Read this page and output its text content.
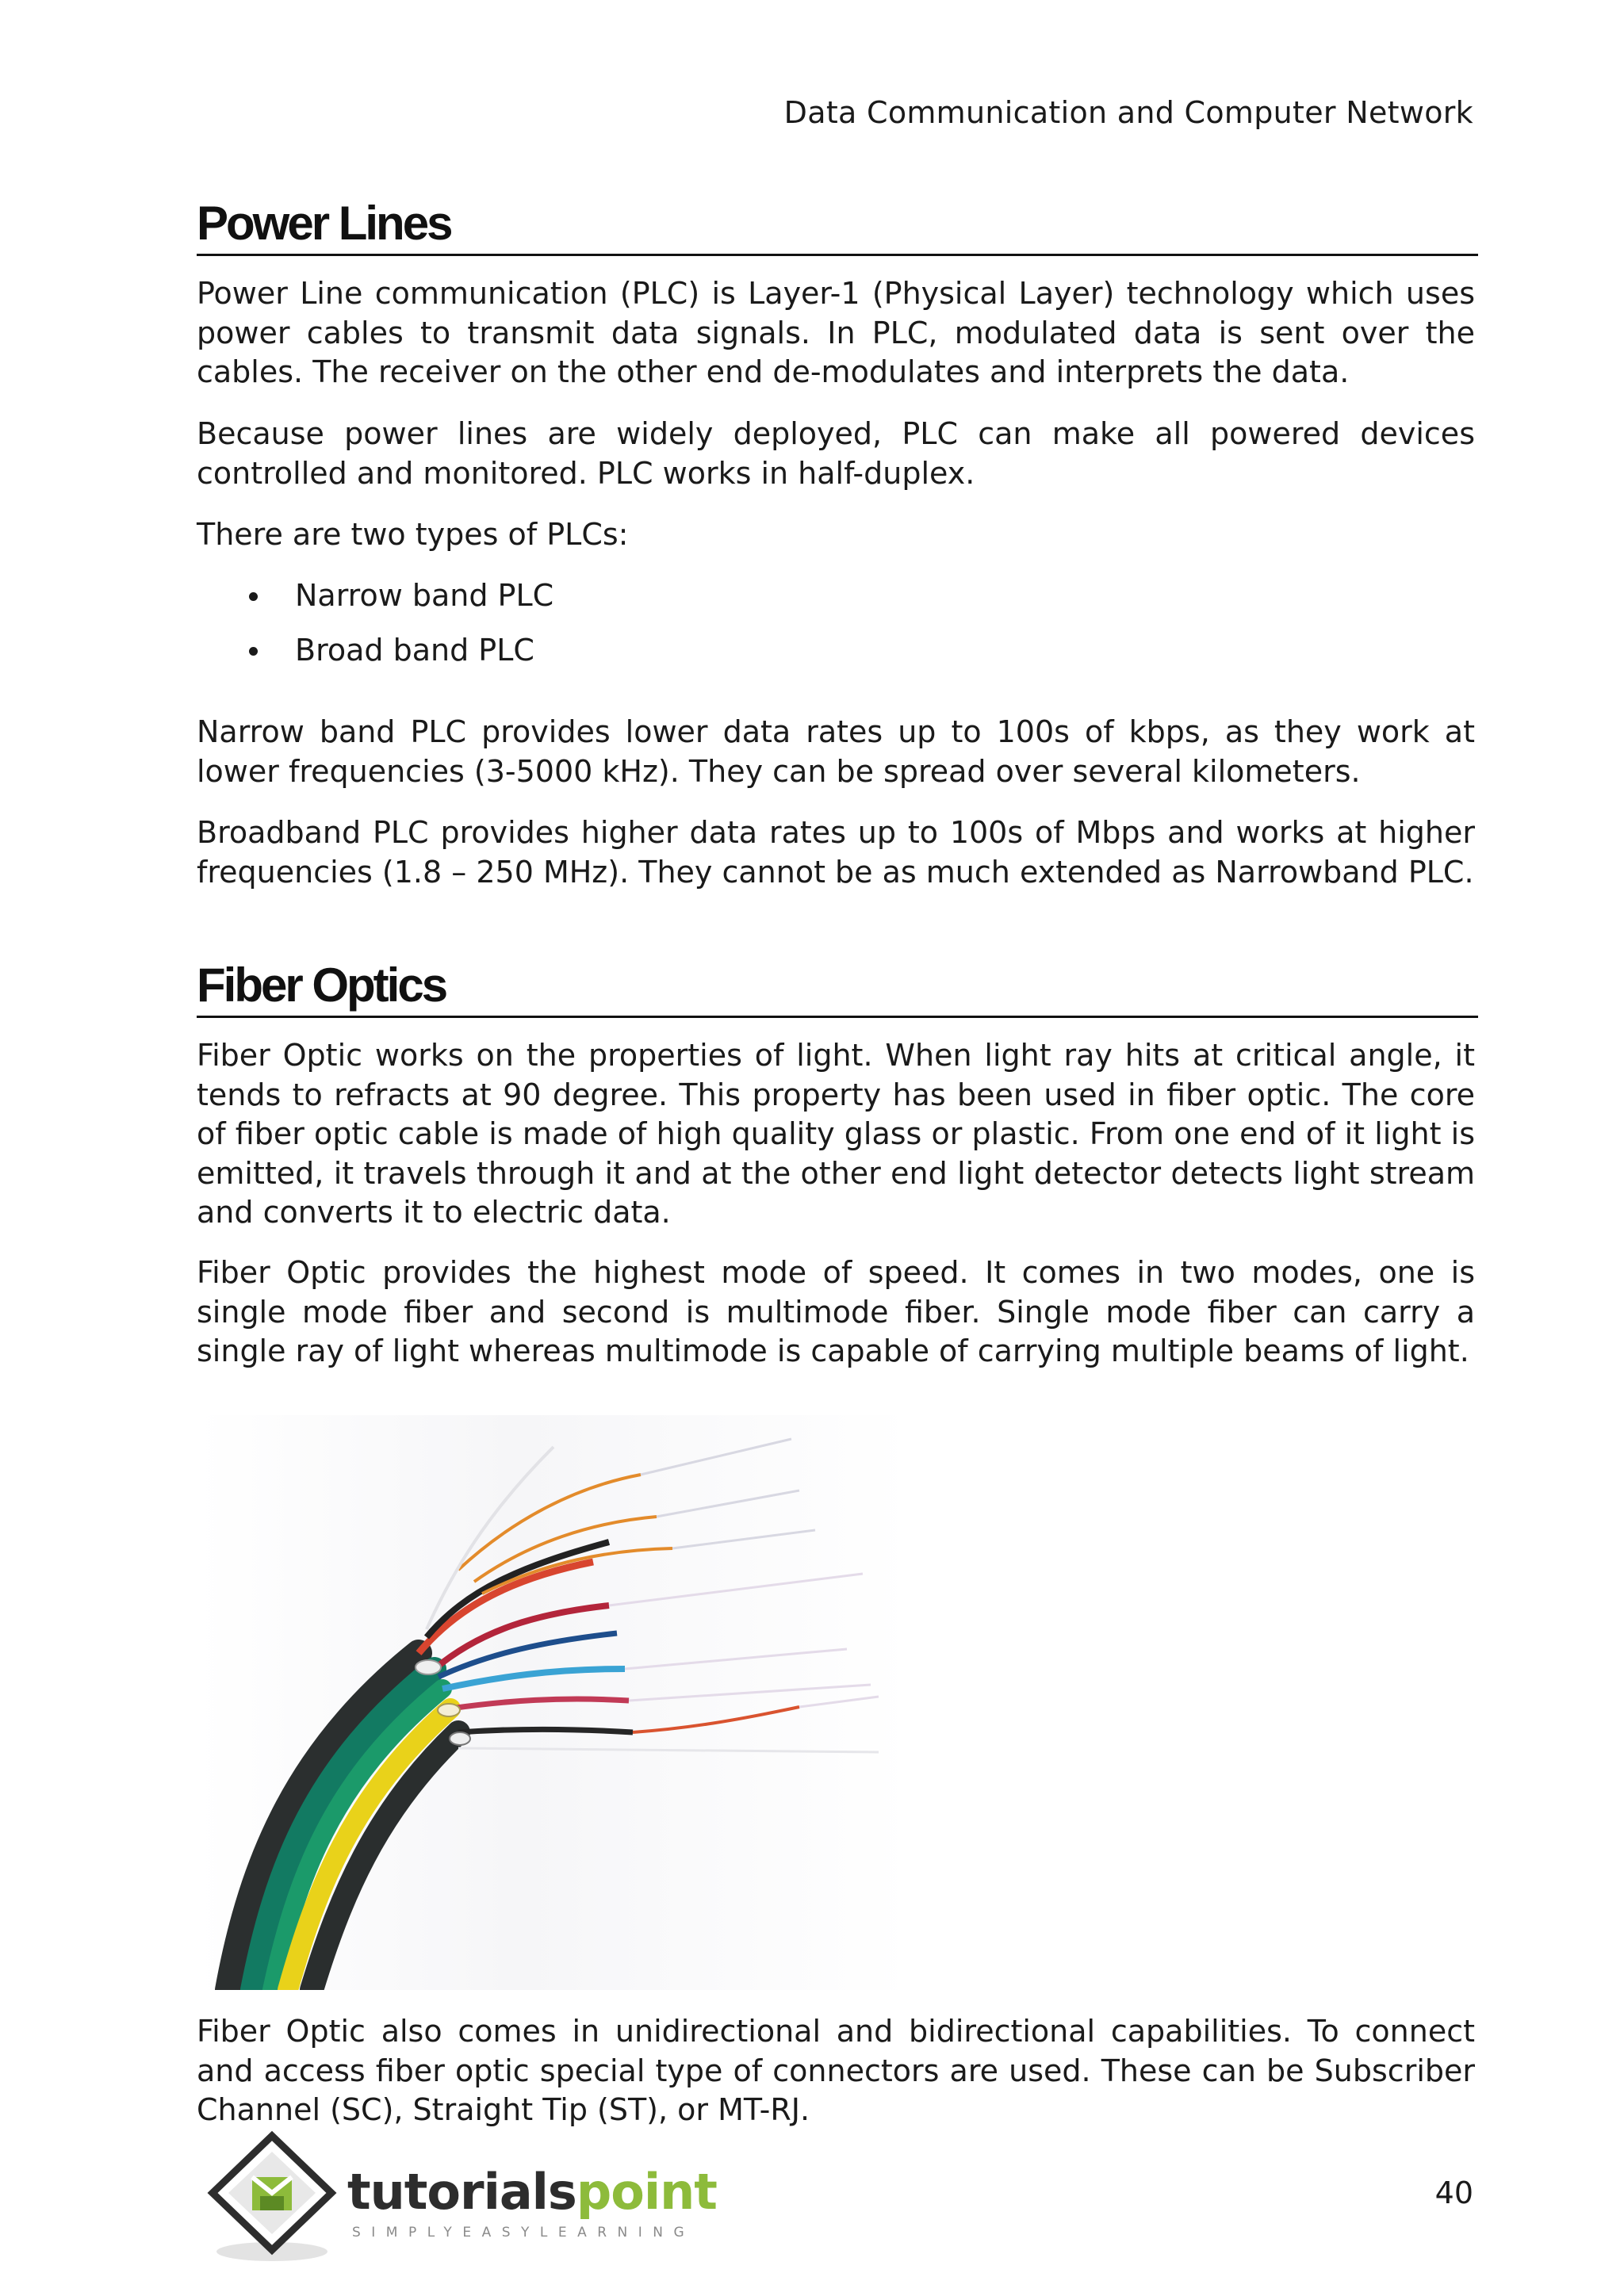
Data Communication and Computer Network
Power Lines

Power Line communication (PLC) is Layer-1 (Physical Layer) technology which uses power cables to transmit data signals. In PLC, modulated data is sent over the cables. The receiver on the other end de-modulates and interprets the data.

Because power lines are widely deployed, PLC can make all powered devices controlled and monitored. PLC works in half-duplex.

There are two types of PLCs:

Narrow band PLC
Broad band PLC

Narrow band PLC provides lower data rates up to 100s of kbps, as they work at lower frequencies (3-5000 kHz). They can be spread over several kilometers.

Broadband PLC provides higher data rates up to 100s of Mbps and works at higher frequencies (1.8 – 250 MHz). They cannot be as much extended as Narrowband PLC.

Fiber Optics

Fiber Optic works on the properties of light. When light ray hits at critical angle, it tends to refracts at 90 degree. This property has been used in fiber optic. The core of fiber optic cable is made of high quality glass or plastic. From one end of it light is emitted, it travels through it and at the other end light detector detects light stream and converts it to electric data.

Fiber Optic provides the highest mode of speed. It comes in two modes, one is single mode fiber and second is multimode fiber. Single mode fiber can carry a single ray of light whereas multimode is capable of carrying multiple beams of light.

Fiber Optic also comes in unidirectional and bidirectional capabilities. To connect and access fiber optic special type of connectors are used. These can be Subscriber Channel (SC), Straight Tip (ST), or MT-RJ.

tutorialspoint
SIMPLYEASYLEARNING
40
